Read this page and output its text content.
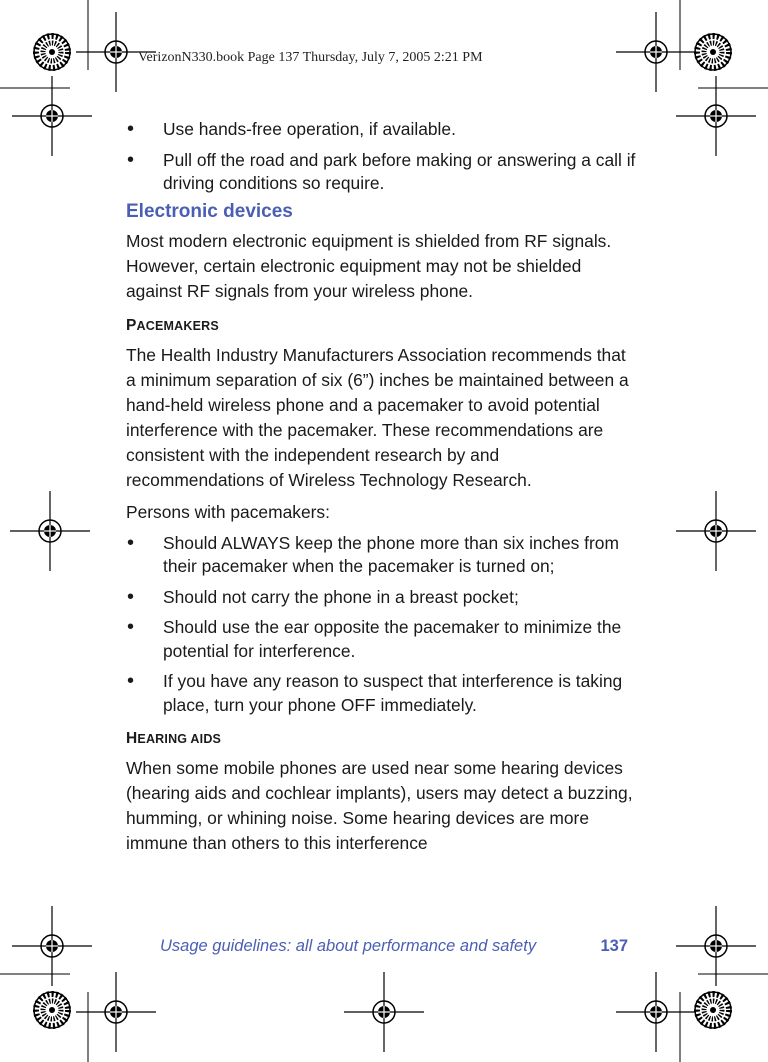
VerizonN330.book Page 137 Thursday, July 7, 2005 2:21 PM
• Use hands-free operation, if available.
• Pull off the road and park before making or answering a call if driving conditions so require.
Electronic devices

Most modern electronic equipment is shielded from RF signals. However, certain electronic equipment may not be shielded against RF signals from your wireless phone.

PACEMAKERS

The Health Industry Manufacturers Association recommends that a minimum separation of six (6”) inches be maintained between a hand-held wireless phone and a pacemaker to avoid potential interference with the pacemaker. These recommendations are consistent with the independent research by and recommendations of Wireless Technology Research.

Persons with pacemakers:

• Should ALWAYS keep the phone more than six inches from their pacemaker when the pacemaker is turned on;
• Should not carry the phone in a breast pocket;
• Should use the ear opposite the pacemaker to minimize the potential for interference.
• If you have any reason to suspect that interference is taking place, turn your phone OFF immediately.
HEARING AIDS

When some mobile phones are used near some hearing devices (hearing aids and cochlear implants), users may detect a buzzing, humming, or whining noise. Some hearing devices are more immune than others to this interference

Usage guidelines: all about performance and safety	137
